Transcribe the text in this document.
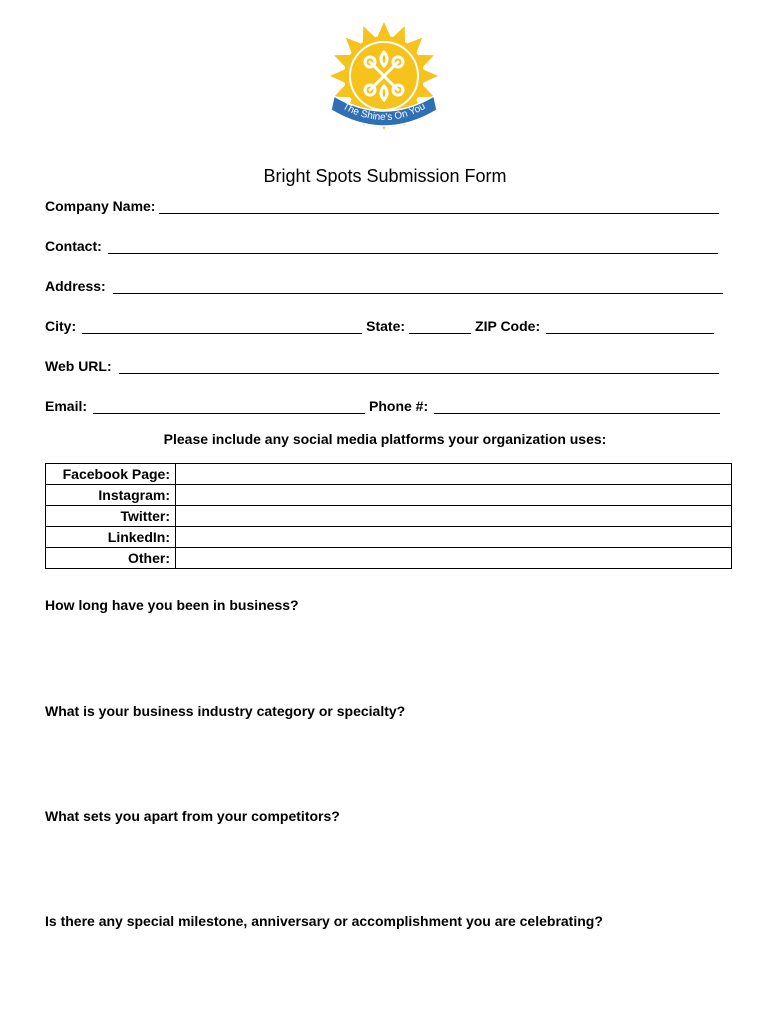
The Shine's On You
Bright Spots Submission Form
Company Name:
Contact:
Address:
City:	State:	ZIP Code:
Web URL:
Email:	Phone #:
Please include any social media platforms your organization uses:
Facebook Page:	
Instagram:	
Twitter:	
LinkedIn:	
Other:	
How long have you been in business?
What is your business industry category or specialty?
What sets you apart from your competitors?
Is there any special milestone, anniversary or accomplishment you are celebrating?
